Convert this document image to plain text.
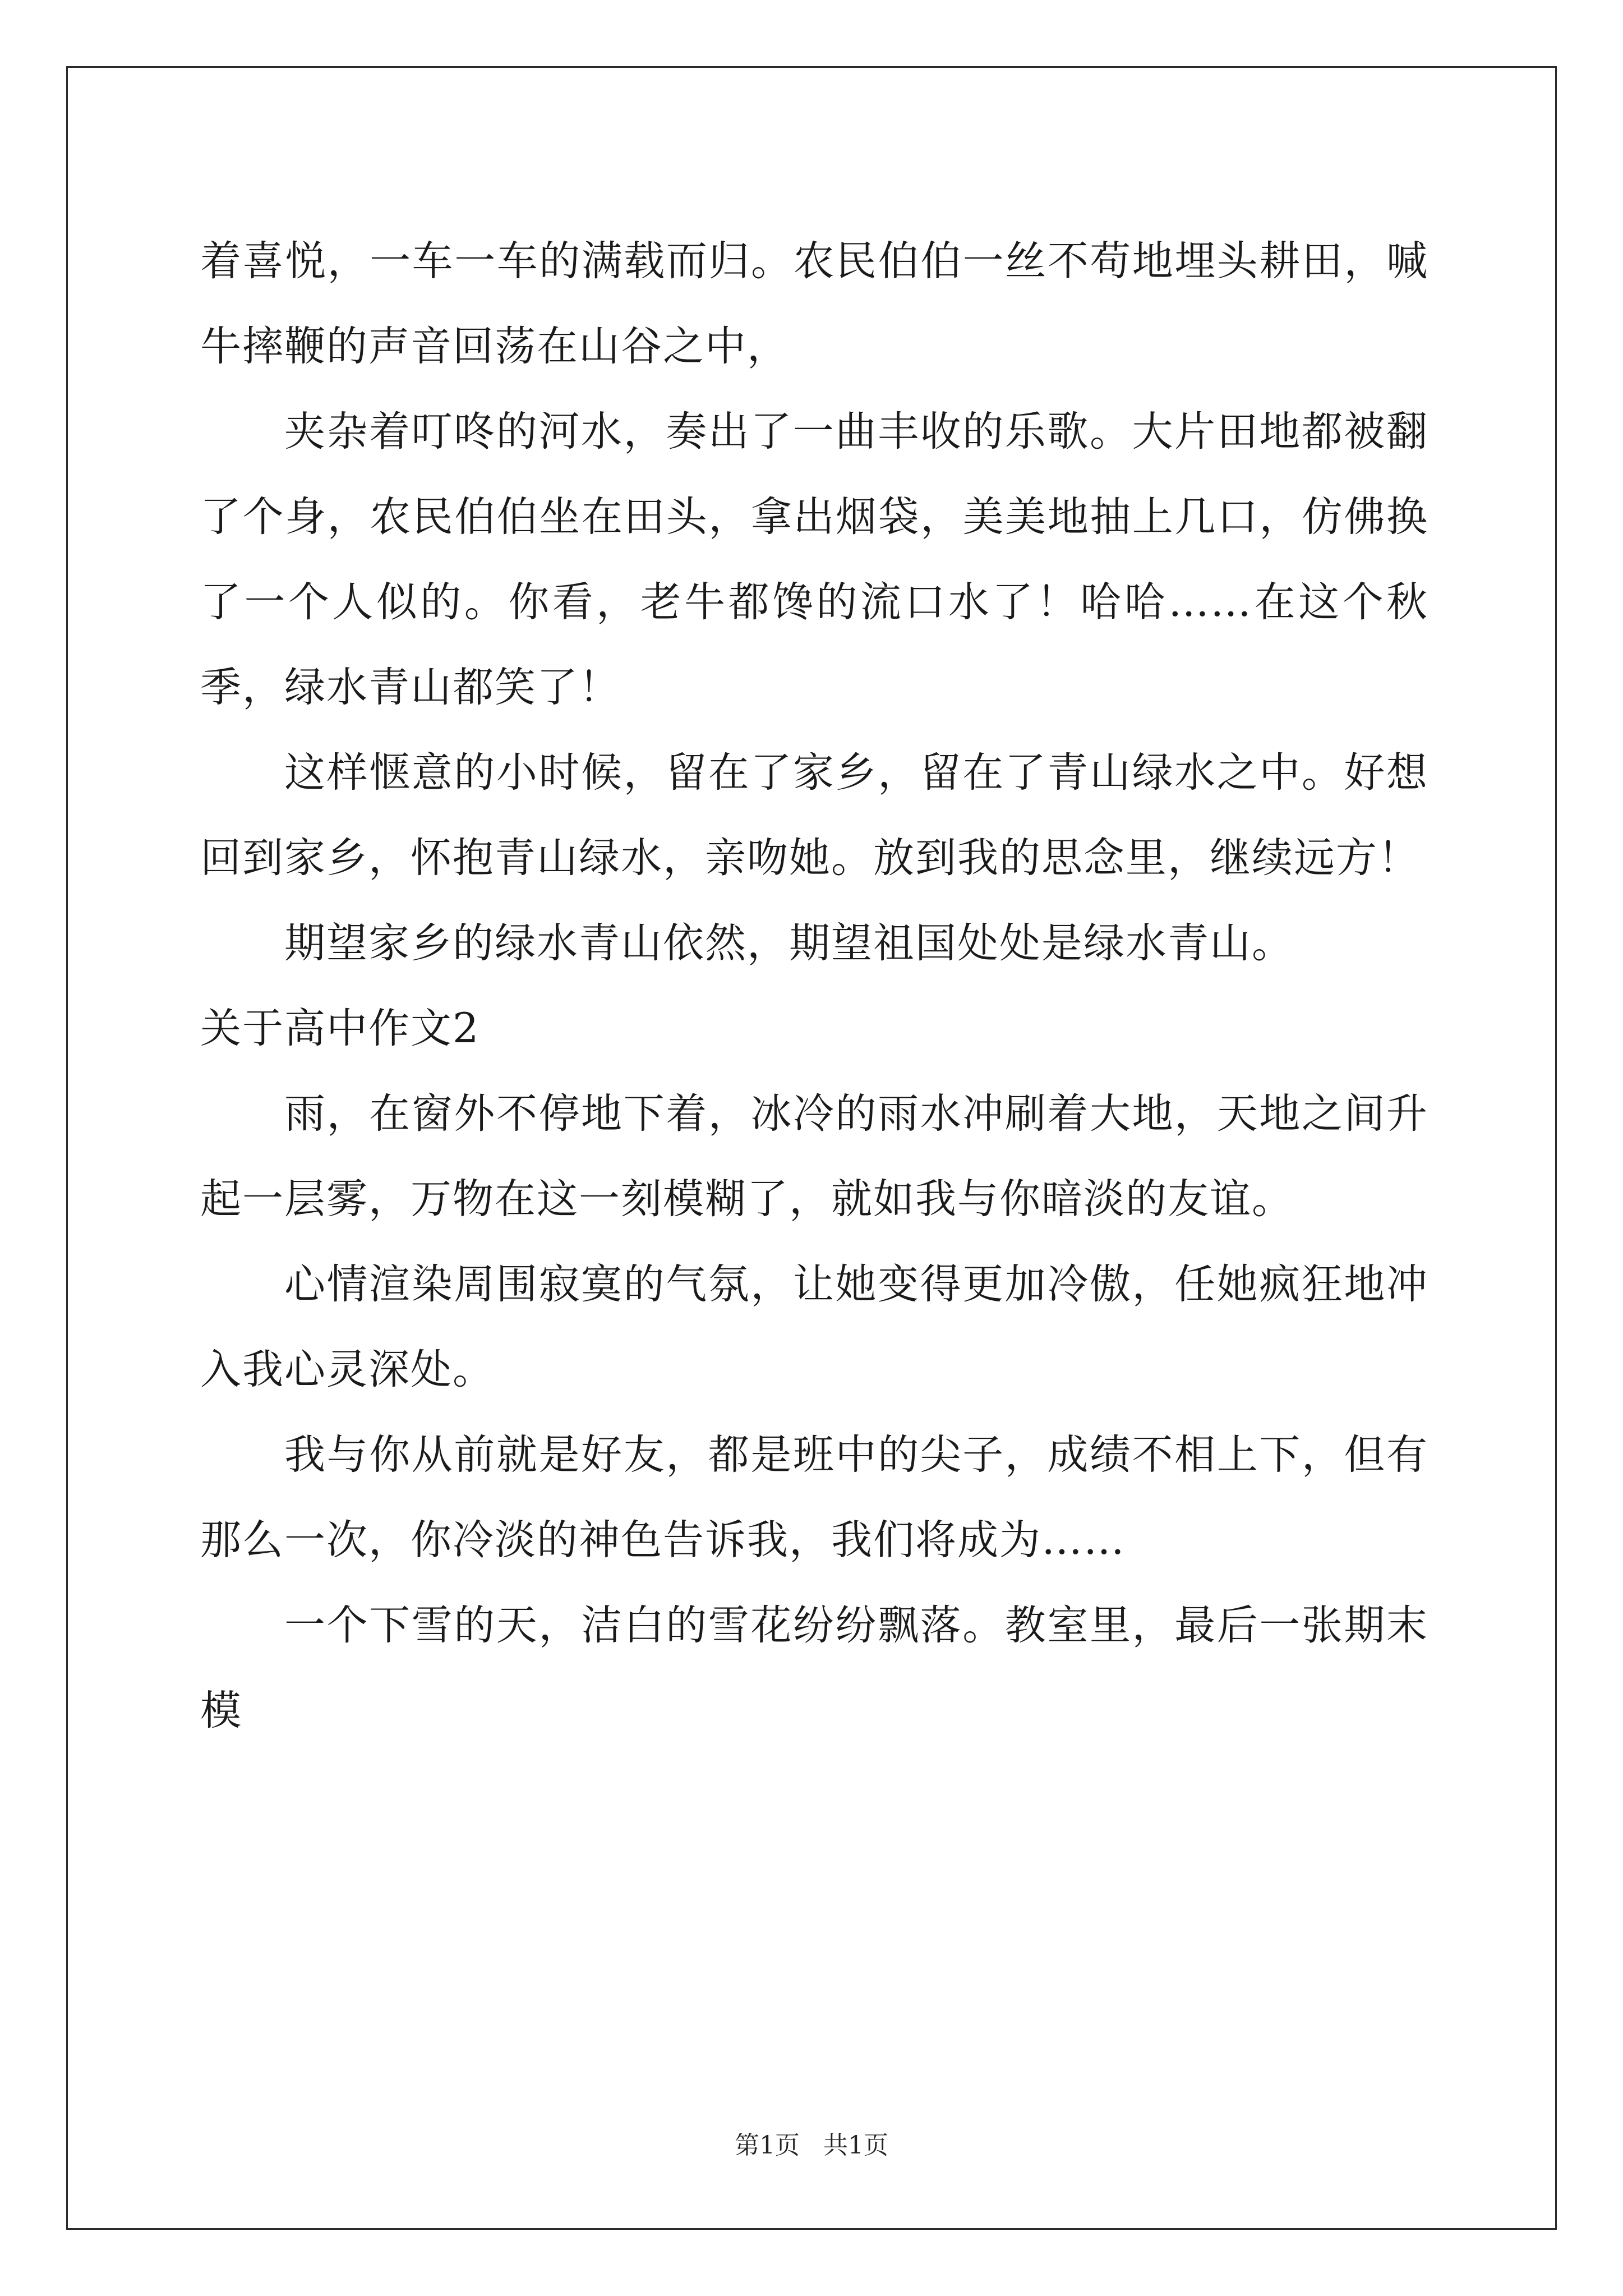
着喜悦，一车一车的满载而归。农民伯伯一丝不苟地埋头耕田，喊牛摔鞭的声音回荡在山谷之中，

夹杂着叮咚的河水，奏出了一曲丰收的乐歌。大片田地都被翻了个身，农民伯伯坐在田头，拿出烟袋，美美地抽上几口，仿佛换了一个人似的。你看，老牛都馋的流口水了！哈哈……在这个秋季，绿水青山都笑了！

这样惬意的小时候，留在了家乡，留在了青山绿水之中。好想回到家乡，怀抱青山绿水，亲吻她。放到我的思念里，继续远方！

期望家乡的绿水青山依然，期望祖国处处是绿水青山。

关于高中作文2

雨，在窗外不停地下着，冰冷的雨水冲刷着大地，天地之间升起一层雾，万物在这一刻模糊了，就如我与你暗淡的友谊。

心情渲染周围寂寞的气氛，让她变得更加冷傲，任她疯狂地冲入我心灵深处。

我与你从前就是好友，都是班中的尖子，成绩不相上下，但有那么一次，你冷淡的神色告诉我，我们将成为……

一个下雪的天，洁白的雪花纷纷飘落。教室里，最后一张期末模

第1页 共1页
